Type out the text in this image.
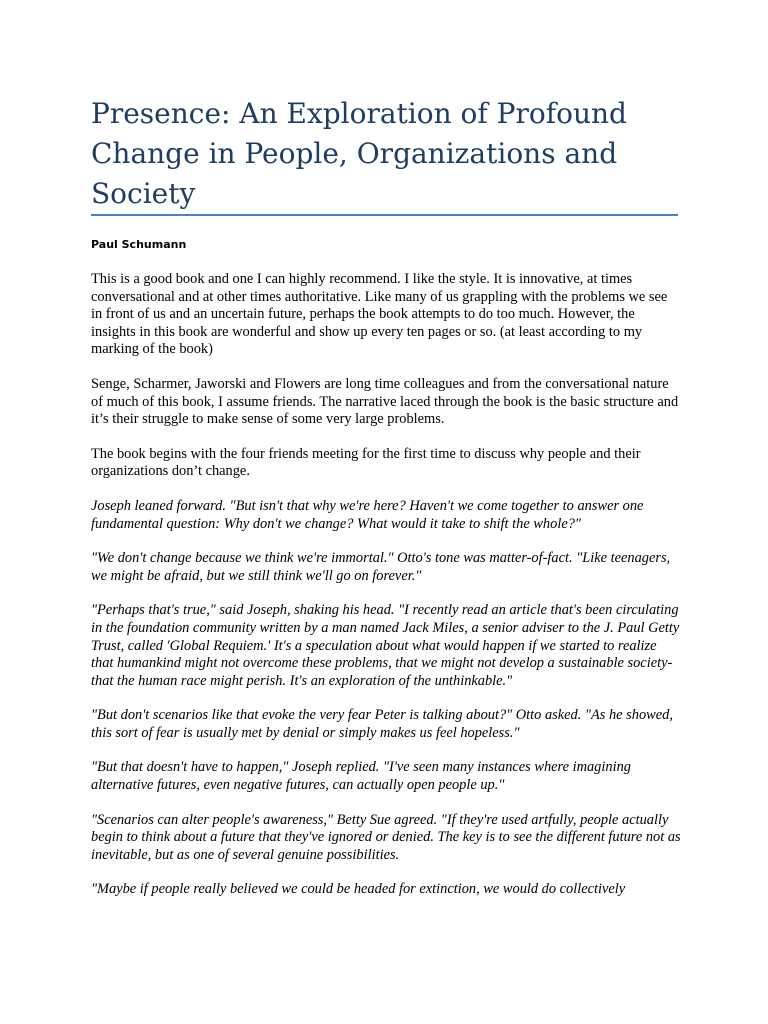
Presence: An Exploration of Profound Change in People, Organizations and Society

Paul Schumann

This is a good book and one I can highly recommend. I like the style. It is innovative, at times conversational and at other times authoritative. Like many of us grappling with the problems we see in front of us and an uncertain future, perhaps the book attempts to do too much. However, the insights in this book are wonderful and show up every ten pages or so. (at least according to my marking of the book)

Senge, Scharmer, Jaworski and Flowers are long time colleagues and from the conversational nature of much of this book, I assume friends. The narrative laced through the book is the basic structure and it’s their struggle to make sense of some very large problems.

The book begins with the four friends meeting for the first time to discuss why people and their organizations don’t change.

Joseph leaned forward. "But isn't that why we're here? Haven't we come together to answer one fundamental question: Why don't we change? What would it take to shift the whole?"

"We don't change because we think we're immortal." Otto's tone was matter-of-fact. "Like teenagers, we might be afraid, but we still think we'll go on forever."

"Perhaps that's true," said Joseph, shaking his head. "I recently read an article that's been circulating in the foundation community written by a man named Jack Miles, a senior adviser to the J. Paul Getty Trust, called 'Global Requiem.' It's a speculation about what would happen if we started to realize that humankind might not overcome these problems, that we might not develop a sustainable society-that the human race might perish. It's an exploration of the unthinkable."

"But don't scenarios like that evoke the very fear Peter is talking about?" Otto asked. "As he showed, this sort of fear is usually met by denial or simply makes us feel hopeless."

"But that doesn't have to happen," Joseph replied. "I've seen many instances where imagining alternative futures, even negative futures, can actually open people up."

"Scenarios can alter people's awareness," Betty Sue agreed. "If they're used artfully, people actually begin to think about a future that they've ignored or denied. The key is to see the different future not as inevitable, but as one of several genuine possibilities.

"Maybe if people really believed we could be headed for extinction, we would do collectively
